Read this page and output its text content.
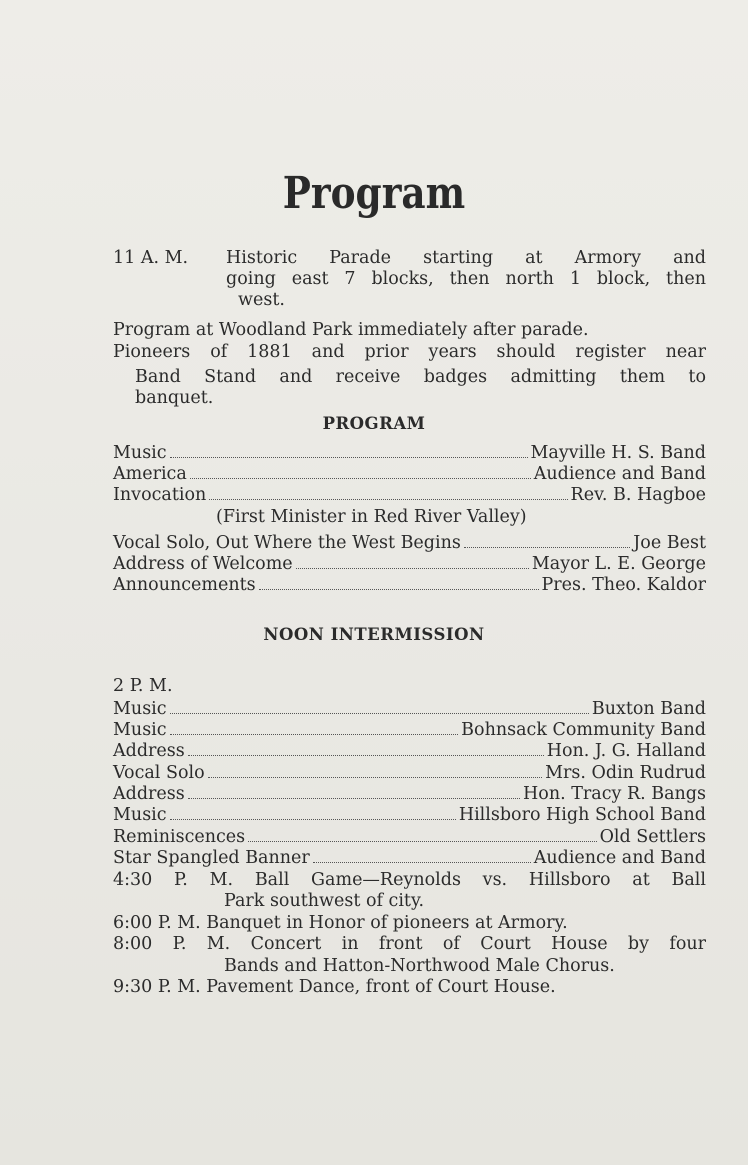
Program
11 A. M. Historic Parade starting at Armory and
going east 7 blocks, then north 1 block, then
west.
Program at Woodland Park immediately after parade.
Pioneers of 1881 and prior years should register near
Band Stand and receive badges admitting them to
banquet.
PROGRAM
Music	Mayville H. S. Band
America	Audience and Band
Invocation	Rev. B. Hagboe
(First Minister in Red River Valley)
Vocal Solo, Out Where the West Begins	Joe Best
Address of Welcome	Mayor L. E. George
Announcements	Pres. Theo. Kaldor
NOON INTERMISSION
2 P. M.
Music	Buxton Band
Music	Bohnsack Community Band
Address	Hon. J. G. Halland
Vocal Solo	Mrs. Odin Rudrud
Address	Hon. Tracy R. Bangs
Music	Hillsboro High School Band
Reminiscences	Old Settlers
Star Spangled Banner	Audience and Band
4:30 P. M. Ball Game—Reynolds vs. Hillsboro at Ball
Park southwest of city.
6:00 P. M. Banquet in Honor of pioneers at Armory.
8:00 P. M. Concert in front of Court House by four
Bands and Hatton-Northwood Male Chorus.
9:30 P. M. Pavement Dance, front of Court House.
